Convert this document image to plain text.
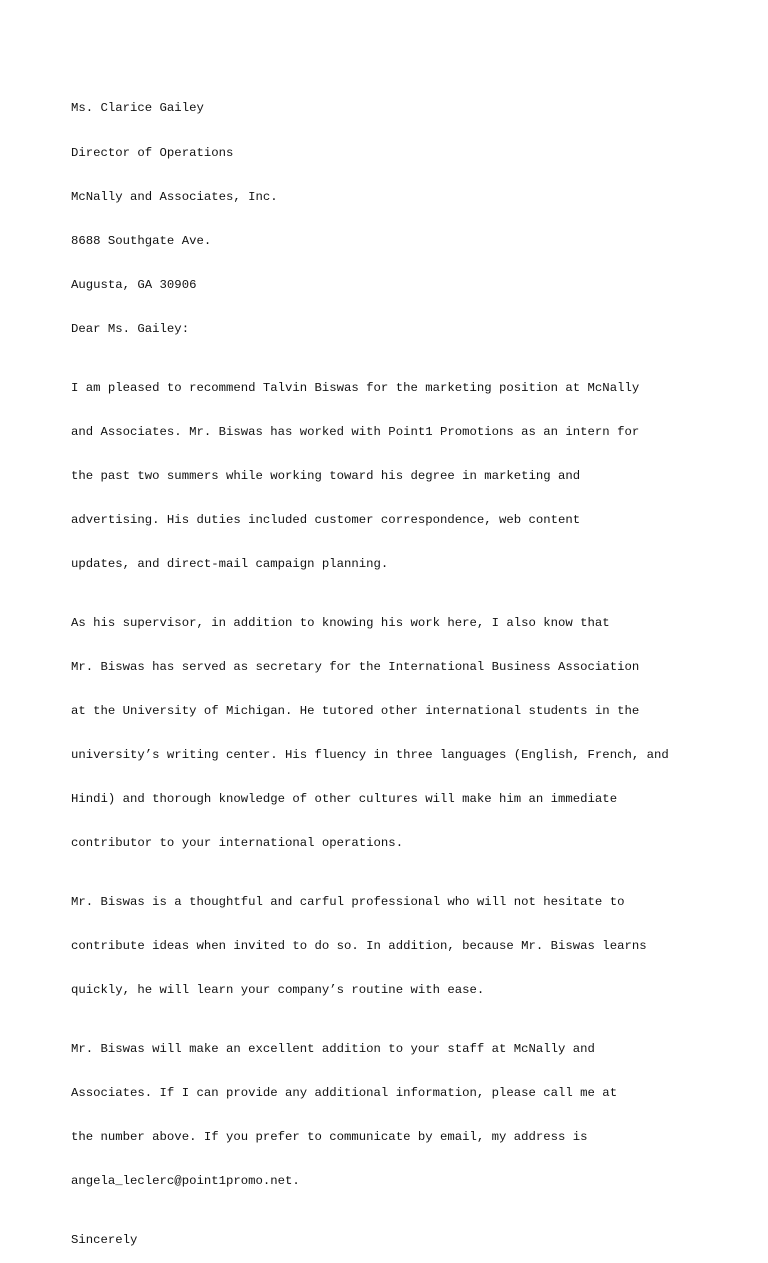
Ms. Clarice Gailey

Director of Operations

McNally and Associates, Inc.

8688 Southgate Ave.

Augusta, GA 30906

Dear Ms. Gailey:

I am pleased to recommend Talvin Biswas for the marketing position at McNally

and Associates. Mr. Biswas has worked with Point1 Promotions as an intern for

the past two summers while working toward his degree in marketing and

advertising. His duties included customer correspondence, web content

updates, and direct-mail campaign planning.

As his supervisor, in addition to knowing his work here, I also know that

Mr. Biswas has served as secretary for the International Business Association

at the University of Michigan. He tutored other international students in the

university’s writing center. His fluency in three languages (English, French, and

Hindi) and thorough knowledge of other cultures will make him an immediate

contributor to your international operations.

Mr. Biswas is a thoughtful and carful professional who will not hesitate to

contribute ideas when invited to do so. In addition, because Mr. Biswas learns

quickly, he will learn your company’s routine with ease.

Mr. Biswas will make an excellent addition to your staff at McNally and

Associates. If I can provide any additional information, please call me at

the number above. If you prefer to communicate by email, my address is

angela_leclerc@point1promo.net.

Sincerely
